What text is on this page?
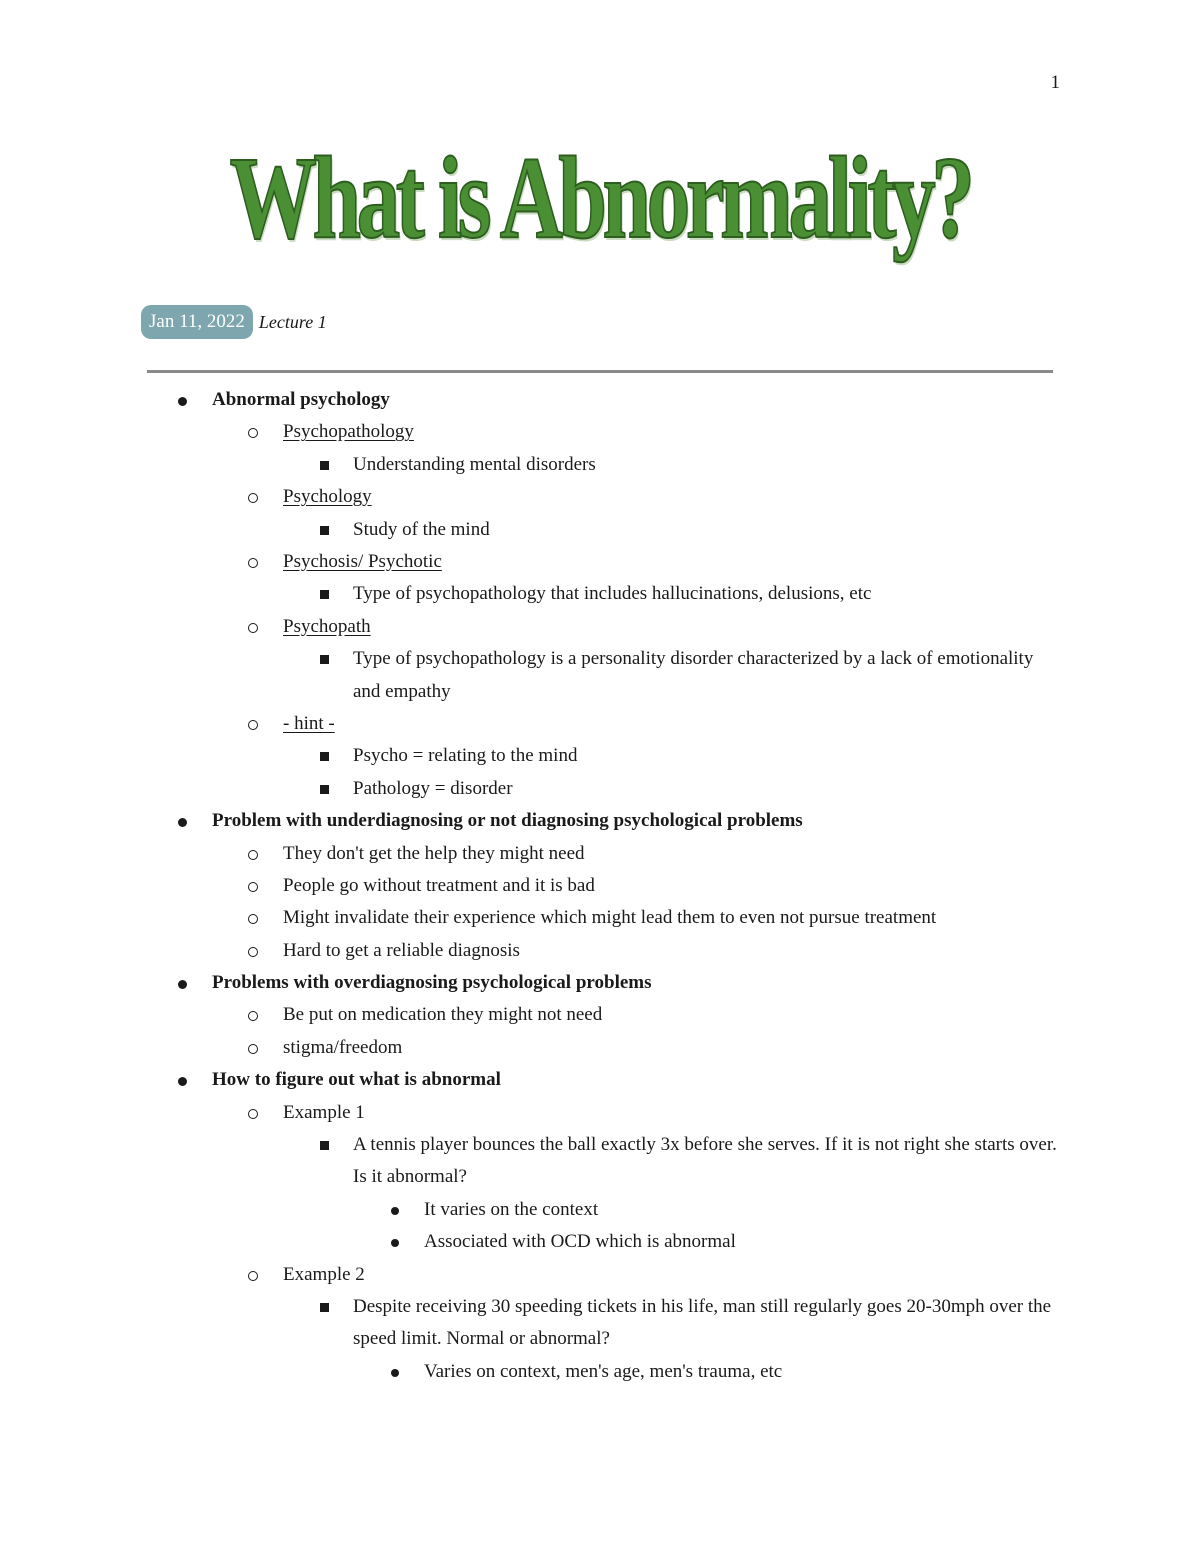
1
What is Abnormality?
Jan 11, 2022 Lecture 1
Abnormal psychology
Psychopathology
Understanding mental disorders
Psychology
Study of the mind
Psychosis/ Psychotic
Type of psychopathology that includes hallucinations, delusions, etc
Psychopath
Type of psychopathology is a personality disorder characterized by a lack of emotionality and empathy
- hint -
Psycho = relating to the mind
Pathology = disorder
Problem with underdiagnosing or not diagnosing psychological problems
They don't get the help they might need
People go without treatment and it is bad
Might invalidate their experience which might lead them to even not pursue treatment
Hard to get a reliable diagnosis
Problems with overdiagnosing psychological problems
Be put on medication they might not need
stigma/freedom
How to figure out what is abnormal
Example 1
A tennis player bounces the ball exactly 3x before she serves. If it is not right she starts over. Is it abnormal?
It varies on the context
Associated with OCD which is abnormal
Example 2
Despite receiving 30 speeding tickets in his life, man still regularly goes 20-30mph over the speed limit. Normal or abnormal?
Varies on context, men's age, men's trauma, etc
